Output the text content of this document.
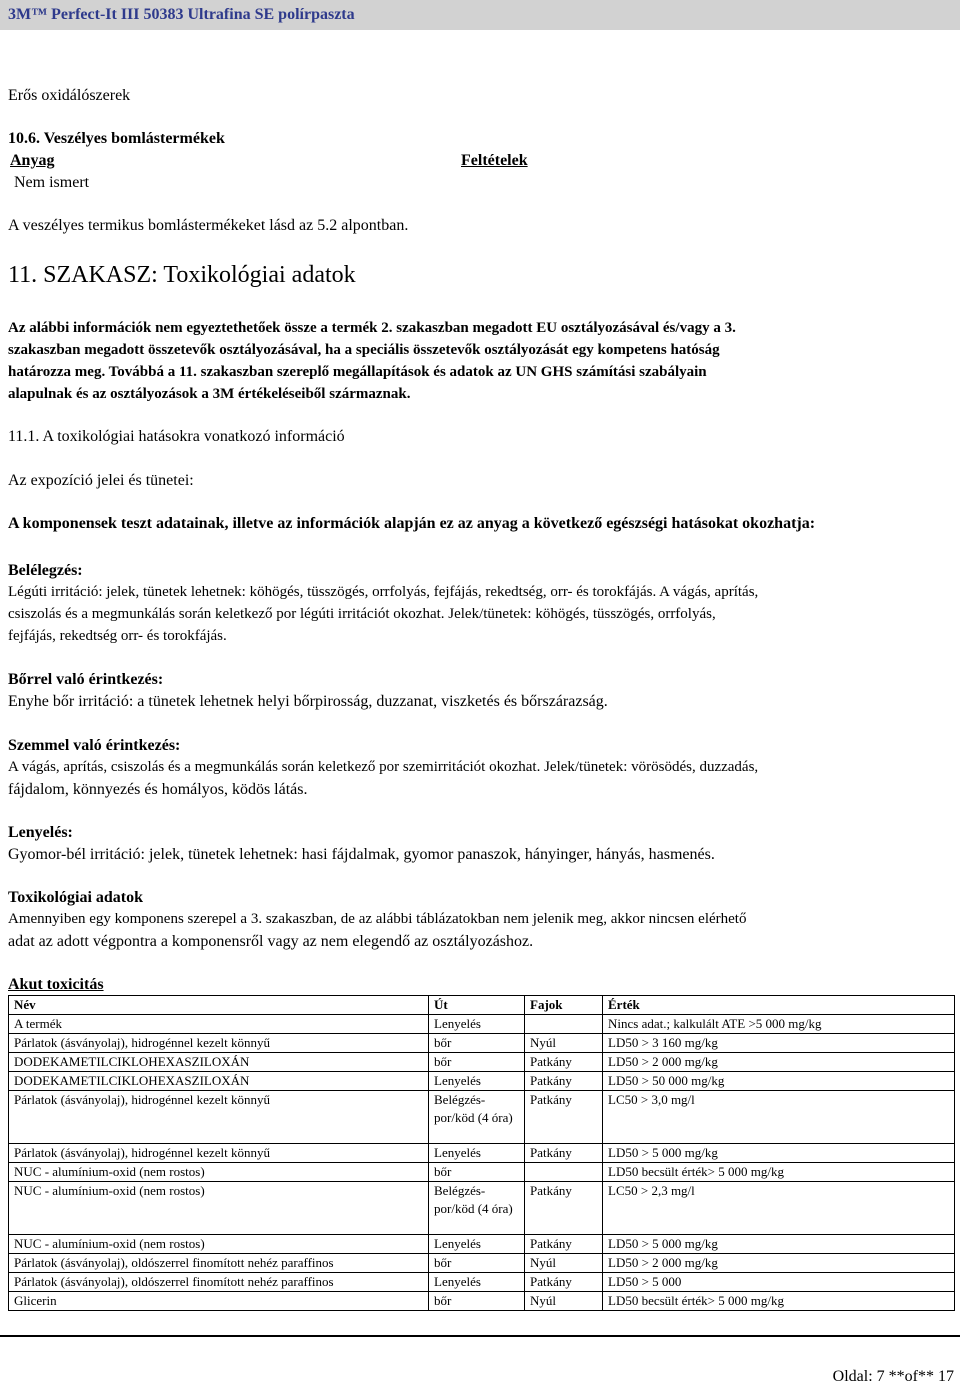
3M™ Perfect-It III 50383 Ultrafina SE polírpaszta
Erős oxidálószerek
10.6. Veszélyes bomlástermékek
Anyag	Feltételek
Nem ismert
A veszélyes termikus bomlástermékeket lásd az 5.2 alpontban.
11. SZAKASZ: Toxikológiai adatok
Az alábbi információk nem egyeztethetőek össze a termék 2. szakaszban megadott EU osztályozásával és/vagy a 3.
szakaszban megadott összetevők osztályozásával, ha a speciális összetevők osztályozását egy kompetens hatóság
határozza meg. Továbbá a 11. szakaszban szereplő megállapítások és adatok az UN GHS számítási szabályain
alapulnak és az osztályozások a 3M értékeléseiből származnak.
11.1. A toxikológiai hatásokra vonatkozó információ
Az expozíció jelei és tünetei:
A komponensek teszt adatainak, illetve az információk alapján ez az anyag a következő egészségi hatásokat okozhatja:
Belélegzés:
Légúti irritáció: jelek, tünetek lehetnek: köhögés, tüsszögés, orrfolyás, fejfájás, rekedtség, orr- és torokfájás. A vágás, aprítás,
csiszolás és a megmunkálás során keletkező por légúti irritációt okozhat. Jelek/tünetek: köhögés, tüsszögés, orrfolyás,
fejfájás, rekedtség orr- és torokfájás.
Bőrrel való érintkezés:
Enyhe bőr irritáció: a tünetek lehetnek helyi bőrpirosság, duzzanat, viszketés és bőrszárazság.
Szemmel való érintkezés:
A vágás, aprítás, csiszolás és a megmunkálás során keletkező por szemirritációt okozhat. Jelek/tünetek: vörösödés, duzzadás,
fájdalom, könnyezés és homályos, ködös látás.
Lenyelés:
Gyomor-bél irritáció: jelek, tünetek lehetnek: hasi fájdalmak, gyomor panaszok, hányinger, hányás, hasmenés.
Toxikológiai adatok
Amennyiben egy komponens szerepel a 3. szakaszban, de az alábbi táblázatokban nem jelenik meg, akkor nincsen elérhető
adat az adott végpontra a komponensről vagy az nem elegendő az osztályozáshoz.
Akut toxicitás
Név	Út	Fajok	Érték
A termék	Lenyelés		Nincs adat.; kalkulált ATE >5 000 mg/kg
Párlatok (ásványolaj), hidrogénnel kezelt könnyű	bőr	Nyúl	LD50 > 3 160 mg/kg
DODEKAMETILCIKLOHEXASZILOXÁN	bőr	Patkány	LD50 > 2 000 mg/kg
DODEKAMETILCIKLOHEXASZILOXÁN	Lenyelés	Patkány	LD50 > 50 000 mg/kg
Párlatok (ásványolaj), hidrogénnel kezelt könnyű	Belégzés-por/köd (4 óra)	Patkány	LC50 > 3,0 mg/l
Párlatok (ásványolaj), hidrogénnel kezelt könnyű	Lenyelés	Patkány	LD50 > 5 000 mg/kg
NUC - alumínium-oxid (nem rostos)	bőr		LD50 becsült érték> 5 000 mg/kg
NUC - alumínium-oxid (nem rostos)	Belégzés-por/köd (4 óra)	Patkány	LC50 > 2,3 mg/l
NUC - alumínium-oxid (nem rostos)	Lenyelés	Patkány	LD50 > 5 000 mg/kg
Párlatok (ásványolaj), oldószerrel finomított nehéz paraffinos	bőr	Nyúl	LD50 > 2 000 mg/kg
Párlatok (ásványolaj), oldószerrel finomított nehéz paraffinos	Lenyelés	Patkány	LD50 > 5 000
Glicerin	bőr	Nyúl	LD50 becsült érték> 5 000 mg/kg
Oldal: 7 **of** 17
